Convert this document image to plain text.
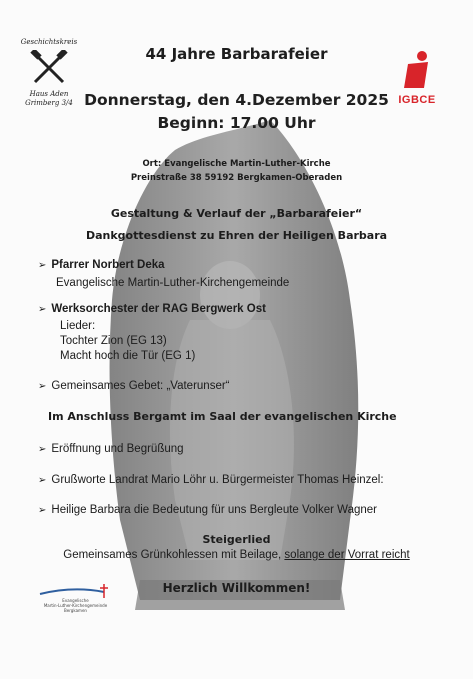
Geschichtskreis
Haus Aden
Grimberg 3/4	IGBCE
44 Jahre Barbarafeier
Donnerstag, den 4.Dezember 2025
Beginn: 17.00 Uhr
Ort: Evangelische Martin-Luther-Kirche
Preinstraße 38 59192 Bergkamen-Oberaden
Gestaltung & Verlauf der „Barbarafeier“
Dankgottesdienst zu Ehren der Heiligen Barbara
➢ Pfarrer Norbert Deka
Evangelische Martin-Luther-Kirchengemeinde
➢ Werksorchester der RAG Bergwerk Ost
Lieder:
Tochter Zion (EG 13)
Macht hoch die Tür (EG 1)
➢ Gemeinsames Gebet: „Vaterunser“
Im Anschluss Bergamt im Saal der evangelischen Kirche
➢ Eröffnung und Begrüßung
➢ Grußworte Landrat Mario Löhr u. Bürgermeister Thomas Heinzel:
➢ Heilige Barbara die Bedeutung für uns Bergleute Volker Wagner
Steigerlied
Gemeinsames Grünkohlessen mit Beilage, solange der Vorrat reicht
Herzlich Willkommen!
Evangelische
Martin-Luther-Kirchengemeinde
Bergkamen
